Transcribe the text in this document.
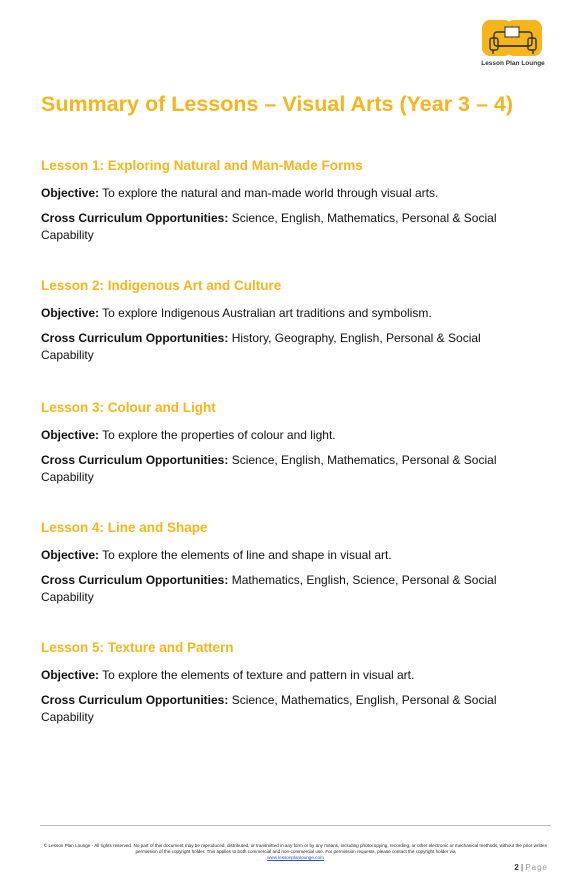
Lesson Plan Lounge
Summary of Lessons – Visual Arts (Year 3 – 4)
Lesson 1: Exploring Natural and Man-Made Forms

Objective: To explore the natural and man-made world through visual arts.

Cross Curriculum Opportunities: Science, English, Mathematics, Personal & Social Capability

Lesson 2: Indigenous Art and Culture

Objective: To explore Indigenous Australian art traditions and symbolism.

Cross Curriculum Opportunities: History, Geography, English, Personal & Social Capability

Lesson 3: Colour and Light

Objective: To explore the properties of colour and light.

Cross Curriculum Opportunities: Science, English, Mathematics, Personal & Social Capability

Lesson 4: Line and Shape

Objective: To explore the elements of line and shape in visual art.

Cross Curriculum Opportunities: Mathematics, English, Science, Personal & Social Capability

Lesson 5: Texture and Pattern

Objective: To explore the elements of texture and pattern in visual art.

Cross Curriculum Opportunities: Science, Mathematics, English, Personal & Social Capability

© Lesson Plan Lounge - All rights reserved. No part of this document may be reproduced, distributed, or transmitted in any form or by any means, including photocopying, recording, or other electronic or mechanical methods, without the prior written permission of the copyright holder. This applies to both commercial and non-commercial use. For permission requests, please contact the copyright holder via
www.lessonplanlounge.com
2 | Page
